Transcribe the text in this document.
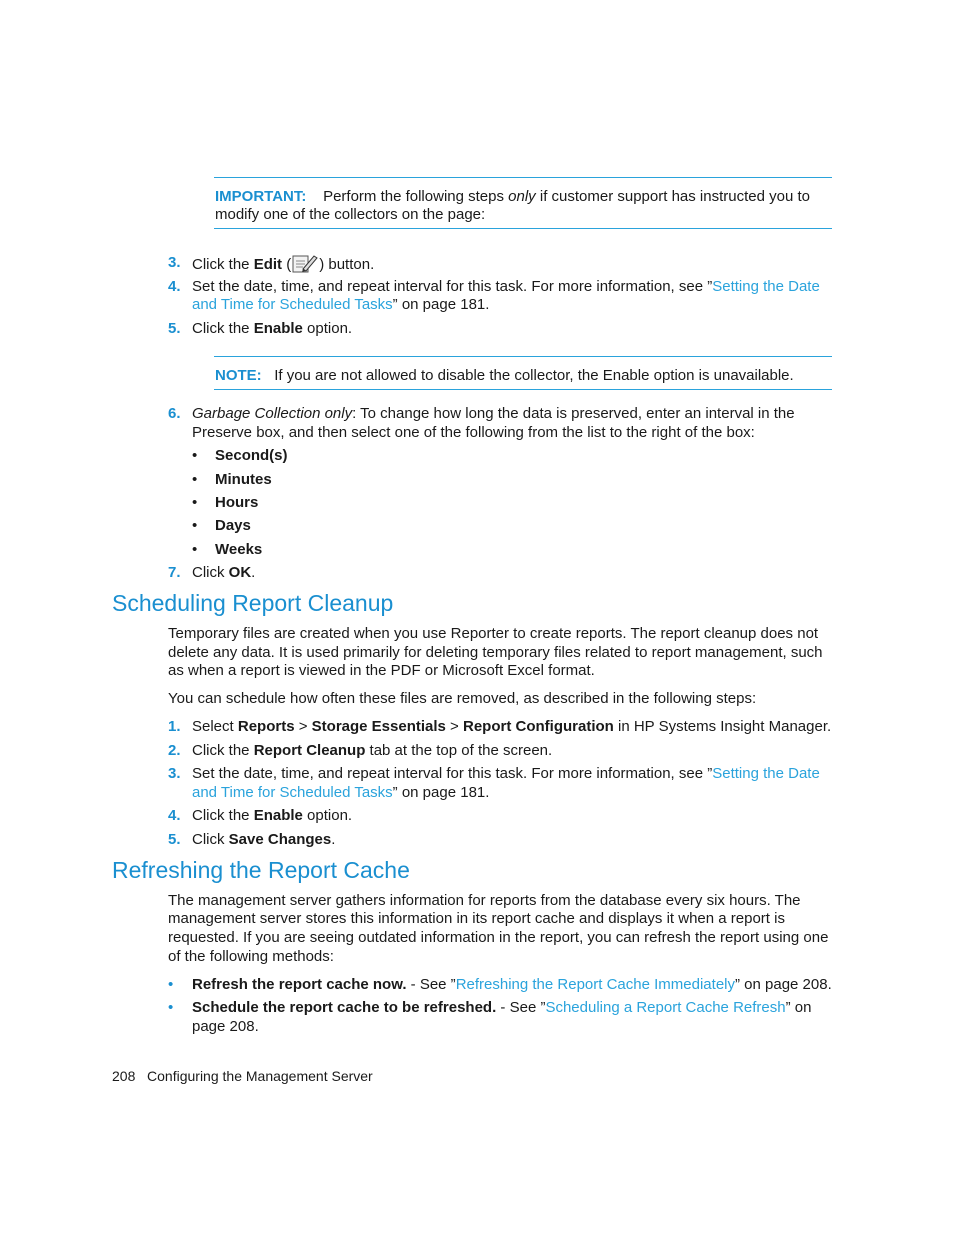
IMPORTANT: Perform the following steps only if customer support has instructed you to
modify one of the collectors on the page:
3. Click the Edit ( ) button.
4. Set the date, time, and repeat interval for this task. For more information, see ”Setting the Date
and Time for Scheduled Tasks” on page 181.
5. Click the Enable option.
NOTE: If you are not allowed to disable the collector, the Enable option is unavailable.
6. Garbage Collection only: To change how long the data is preserved, enter an interval in the
Preserve box, and then select one of the following from the list to the right of the box:
• Second(s)
• Minutes
• Hours
• Days
• Weeks
7. Click OK.
Scheduling Report Cleanup
Temporary files are created when you use Reporter to create reports. The report cleanup does not
delete any data. It is used primarily for deleting temporary files related to report management, such
as when a report is viewed in the PDF or Microsoft Excel format.
You can schedule how often these files are removed, as described in the following steps:
1. Select Reports > Storage Essentials > Report Configuration in HP Systems Insight Manager.
2. Click the Report Cleanup tab at the top of the screen.
3. Set the date, time, and repeat interval for this task. For more information, see ”Setting the Date
and Time for Scheduled Tasks” on page 181.
4. Click the Enable option.
5. Click Save Changes.
Refreshing the Report Cache
The management server gathers information for reports from the database every six hours. The
management server stores this information in its report cache and displays it when a report is
requested. If you are seeing outdated information in the report, you can refresh the report using one
of the following methods:
• Refresh the report cache now. - See ”Refreshing the Report Cache Immediately” on page 208.
• Schedule the report cache to be refreshed. - See ”Scheduling a Report Cache Refresh” on
page 208.
208 Configuring the Management Server
